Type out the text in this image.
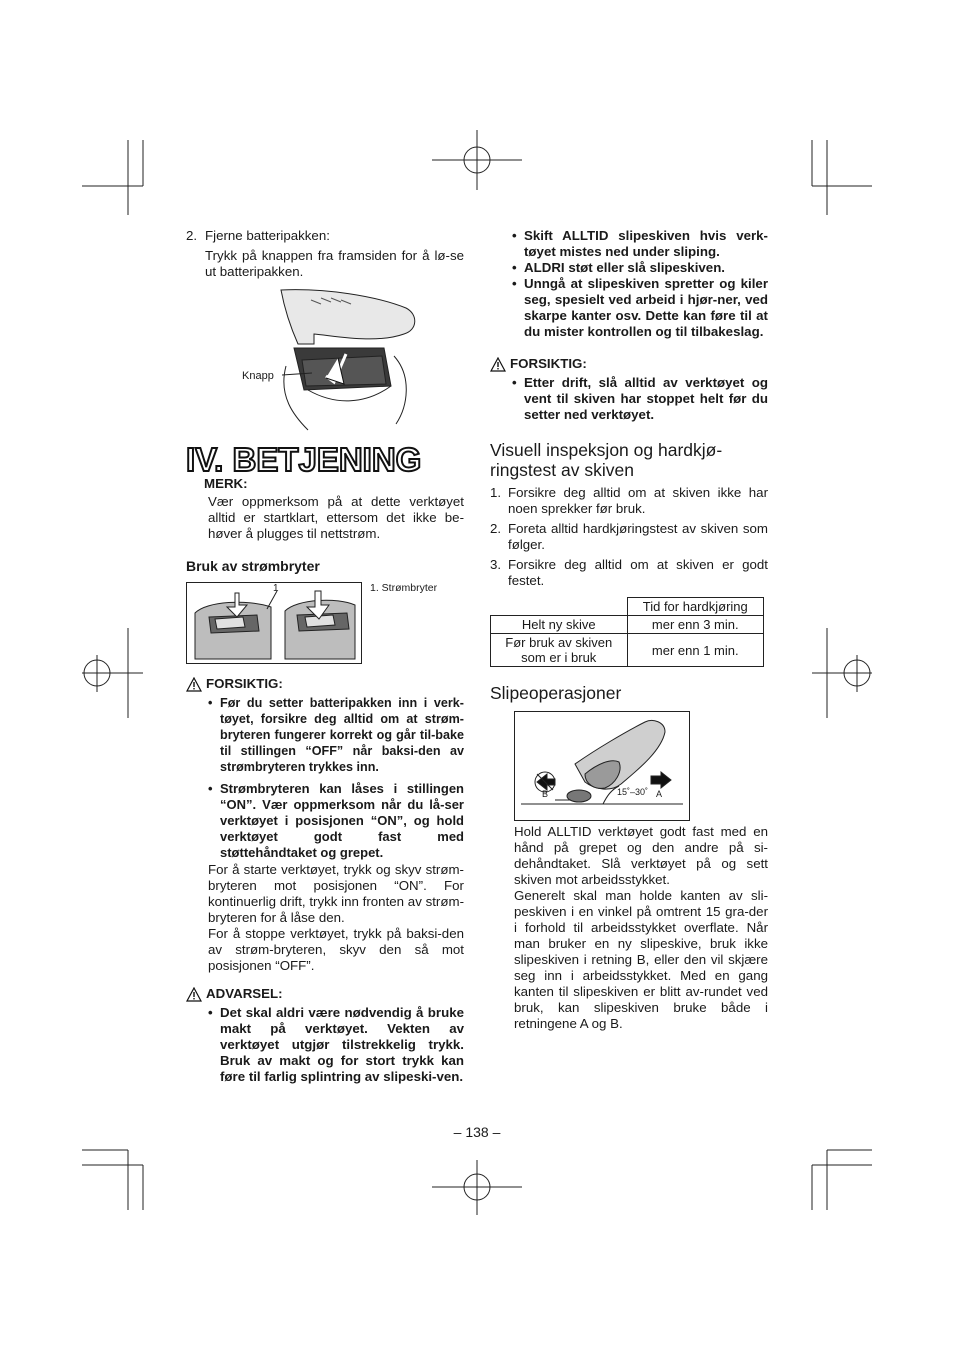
2. Fjerne batteripakken:
Trykk på knappen fra framsiden for å lø-se ut batteripakken.
Knapp
IV. BETJENING
MERK:
Vær oppmerksom på at dette verktøyet alltid er startklart, ettersom det ikke be-høver å plugges til nettstrøm.
Bruk av strømbryter
1	1. Strømbryter
FORSIKTIG:
• Før du setter batteripakken inn i verk-tøyet, forsikre deg alltid om at strøm-bryteren fungerer korrekt og går til-bake til stillingen “OFF” når baksi-den av strømbryteren trykkes inn.
• Strømbryteren kan låses i stillingen “ON”. Vær oppmerksom når du lå-ser verktøyet i posisjonen “ON”, og hold verktøyet godt fast med støttehåndtaket og grepet.
For å starte verktøyet, trykk og skyv strøm-bryteren mot posisjonen “ON”. For kontinuerlig drift, trykk inn fronten av strøm-bryteren for å låse den.
For å stoppe verktøyet, trykk på baksi-den av strøm-bryteren, skyv den så mot posisjonen “OFF”.
ADVARSEL:
• Det skal aldri være nødvendig å bruke makt på verktøyet. Vekten av verktøyet utgjør tilstrekkelig trykk. Bruk av makt og for stort trykk kan føre til farlig splintring av slipeski-ven.
• Skift ALLTID slipeskiven hvis verk-tøyet mistes ned under sliping.
• ALDRI støt eller slå slipeskiven.
• Unngå at slipeskiven spretter og kiler seg, spesielt ved arbeid i hjør-ner, ved skarpe kanter osv. Dette kan føre til at du mister kontrollen og til tilbakeslag.
FORSIKTIG:
• Etter drift, slå alltid av verktøyet og vent til skiven har stoppet helt før du setter ned verktøyet.
Visuell inspeksjon og hardkjø-ringstest av skiven
1. Forsikre deg alltid om at skiven ikke har noen sprekker før bruk.
2. Foreta alltid hardkjøringstest av skiven som følger.
3. Forsikre deg alltid om at skiven er godt festet.
	Tid for hardkjøring
Helt ny skive	mer enn 3 min.
Før bruk av skiven som er i bruk	mer enn 1 min.
Slipeoperasjoner
B	A
15˚–30˚
Hold ALLTID verktøyet godt fast med en hånd på grepet og den andre på si-dehåndtaket. Slå verktøyet på og sett skiven mot arbeidsstykket.
Generelt skal man holde kanten av sli-peskiven i en vinkel på omtrent 15 gra-der i forhold til arbeidsstykket overflate. Når man bruker en ny slipeskive, bruk ikke slipeskiven i retning B, eller den vil skjære seg inn i arbeidsstykket. Med en gang kanten til slipeskiven er blitt av-rundet ved bruk, kan slipeskiven bruke både i retningene A og B.
– 138 –
